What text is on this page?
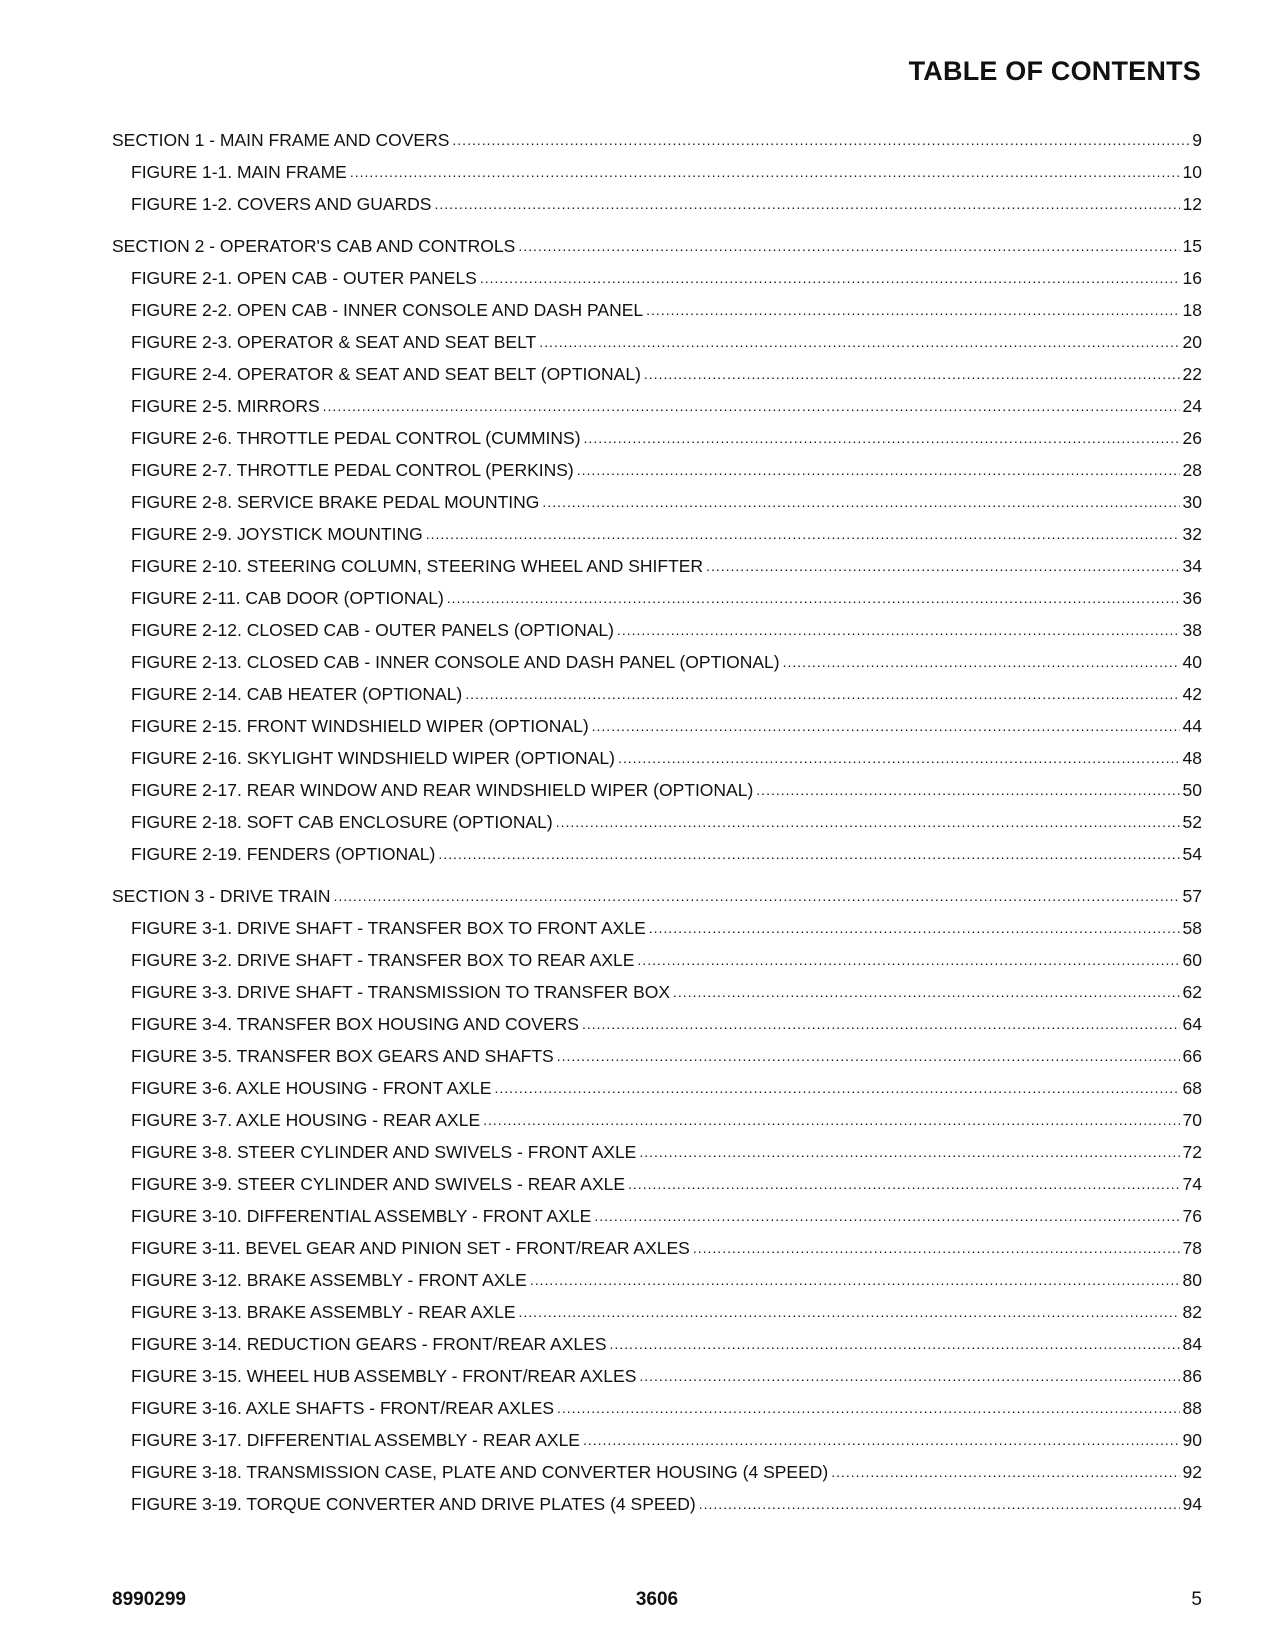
TABLE OF CONTENTS
SECTION 1 - MAIN FRAME AND COVERS .....	9
FIGURE 1-1. MAIN FRAME .....	10
FIGURE 1-2. COVERS AND GUARDS .....	12
SECTION 2 - OPERATOR'S CAB AND CONTROLS .....	15
FIGURE 2-1. OPEN CAB - OUTER PANELS .....	16
FIGURE 2-2. OPEN CAB - INNER CONSOLE AND DASH PANEL .....	18
FIGURE 2-3. OPERATOR & SEAT AND SEAT BELT .....	20
FIGURE 2-4. OPERATOR & SEAT AND SEAT BELT (OPTIONAL) .....	22
FIGURE 2-5. MIRRORS .....	24
FIGURE 2-6. THROTTLE PEDAL CONTROL (CUMMINS) .....	26
FIGURE 2-7. THROTTLE PEDAL CONTROL (PERKINS) .....	28
FIGURE 2-8. SERVICE BRAKE PEDAL MOUNTING .....	30
FIGURE 2-9. JOYSTICK MOUNTING .....	32
FIGURE 2-10. STEERING COLUMN, STEERING WHEEL AND SHIFTER .....	34
FIGURE 2-11. CAB DOOR (OPTIONAL) .....	36
FIGURE 2-12. CLOSED CAB - OUTER PANELS (OPTIONAL) .....	38
FIGURE 2-13. CLOSED CAB - INNER CONSOLE AND DASH PANEL (OPTIONAL) .....	40
FIGURE 2-14. CAB HEATER (OPTIONAL) .....	42
FIGURE 2-15. FRONT WINDSHIELD WIPER (OPTIONAL) .....	44
FIGURE 2-16. SKYLIGHT WINDSHIELD WIPER (OPTIONAL) .....	48
FIGURE 2-17. REAR WINDOW AND REAR WINDSHIELD WIPER (OPTIONAL) .....	50
FIGURE 2-18. SOFT CAB ENCLOSURE (OPTIONAL) .....	52
FIGURE 2-19. FENDERS (OPTIONAL) .....	54
SECTION 3 - DRIVE TRAIN .....	57
FIGURE 3-1. DRIVE SHAFT - TRANSFER BOX TO FRONT AXLE .....	58
FIGURE 3-2. DRIVE SHAFT - TRANSFER BOX TO REAR AXLE .....	60
FIGURE 3-3. DRIVE SHAFT - TRANSMISSION TO TRANSFER BOX .....	62
FIGURE 3-4. TRANSFER BOX HOUSING AND COVERS .....	64
FIGURE 3-5. TRANSFER BOX GEARS AND SHAFTS .....	66
FIGURE 3-6. AXLE HOUSING - FRONT AXLE .....	68
FIGURE 3-7. AXLE HOUSING - REAR AXLE .....	70
FIGURE 3-8. STEER CYLINDER AND SWIVELS - FRONT AXLE .....	72
FIGURE 3-9. STEER CYLINDER AND SWIVELS - REAR AXLE .....	74
FIGURE 3-10. DIFFERENTIAL ASSEMBLY - FRONT AXLE .....	76
FIGURE 3-11. BEVEL GEAR AND PINION SET - FRONT/REAR AXLES .....	78
FIGURE 3-12. BRAKE ASSEMBLY - FRONT AXLE .....	80
FIGURE 3-13. BRAKE ASSEMBLY - REAR AXLE .....	82
FIGURE 3-14. REDUCTION GEARS - FRONT/REAR AXLES .....	84
FIGURE 3-15. WHEEL HUB ASSEMBLY - FRONT/REAR AXLES .....	86
FIGURE 3-16. AXLE SHAFTS - FRONT/REAR AXLES .....	88
FIGURE 3-17. DIFFERENTIAL ASSEMBLY - REAR AXLE .....	90
FIGURE 3-18. TRANSMISSION CASE, PLATE AND CONVERTER HOUSING (4 SPEED) .....	92
FIGURE 3-19. TORQUE CONVERTER AND DRIVE PLATES (4 SPEED) .....	94
8990299	3606	5
